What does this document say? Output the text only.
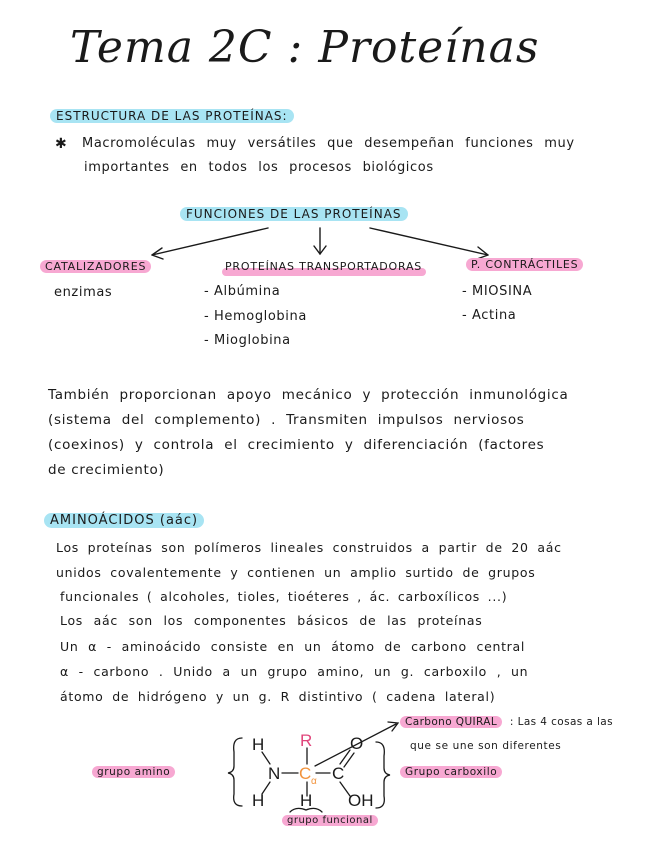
Tema 2C : Proteínas
ESTRUCTURA DE LAS PROTEÍNAS:
✱ Macromoléculas muy versátiles que desempeñan funciones muy
importantes en todos los procesos biológicos
FUNCIONES DE LAS PROTEÍNAS
CATALIZADORES
enzimas
PROTEÍNAS TRANSPORTADORAS
- Albúmina
- Hemoglobina
- Mioglobina
P. CONTRÁCTILES
- MIOSINA
- Actina
También proporcionan apoyo mecánico y protección inmunológica
(sistema del complemento) . Transmiten impulsos nerviosos
(coexinos) y controla el crecimiento y diferenciación (factores
de crecimiento)
AMINOÁCIDOS (aác)
Los proteínas son polímeros lineales construidos a partir de 20 aác
unidos covalentemente y contienen un amplio surtido de grupos
funcionales ( alcoholes, tioles, tioéteres , ác. carboxílicos ...)
Los aác son los componentes básicos de las proteínas
Un α - aminoácido consiste en un átomo de carbono central
α - carbono . Unido a un grupo amino, un g. carboxilo , un
átomo de hidrógeno y un g. R distintivo ( cadena lateral)
H
N
H
R
C α C
O
OH
H
Carbono QUIRAL : Las 4 cosas a las
que se une son diferentes
grupo amino	Grupo carboxilo
grupo funcional
